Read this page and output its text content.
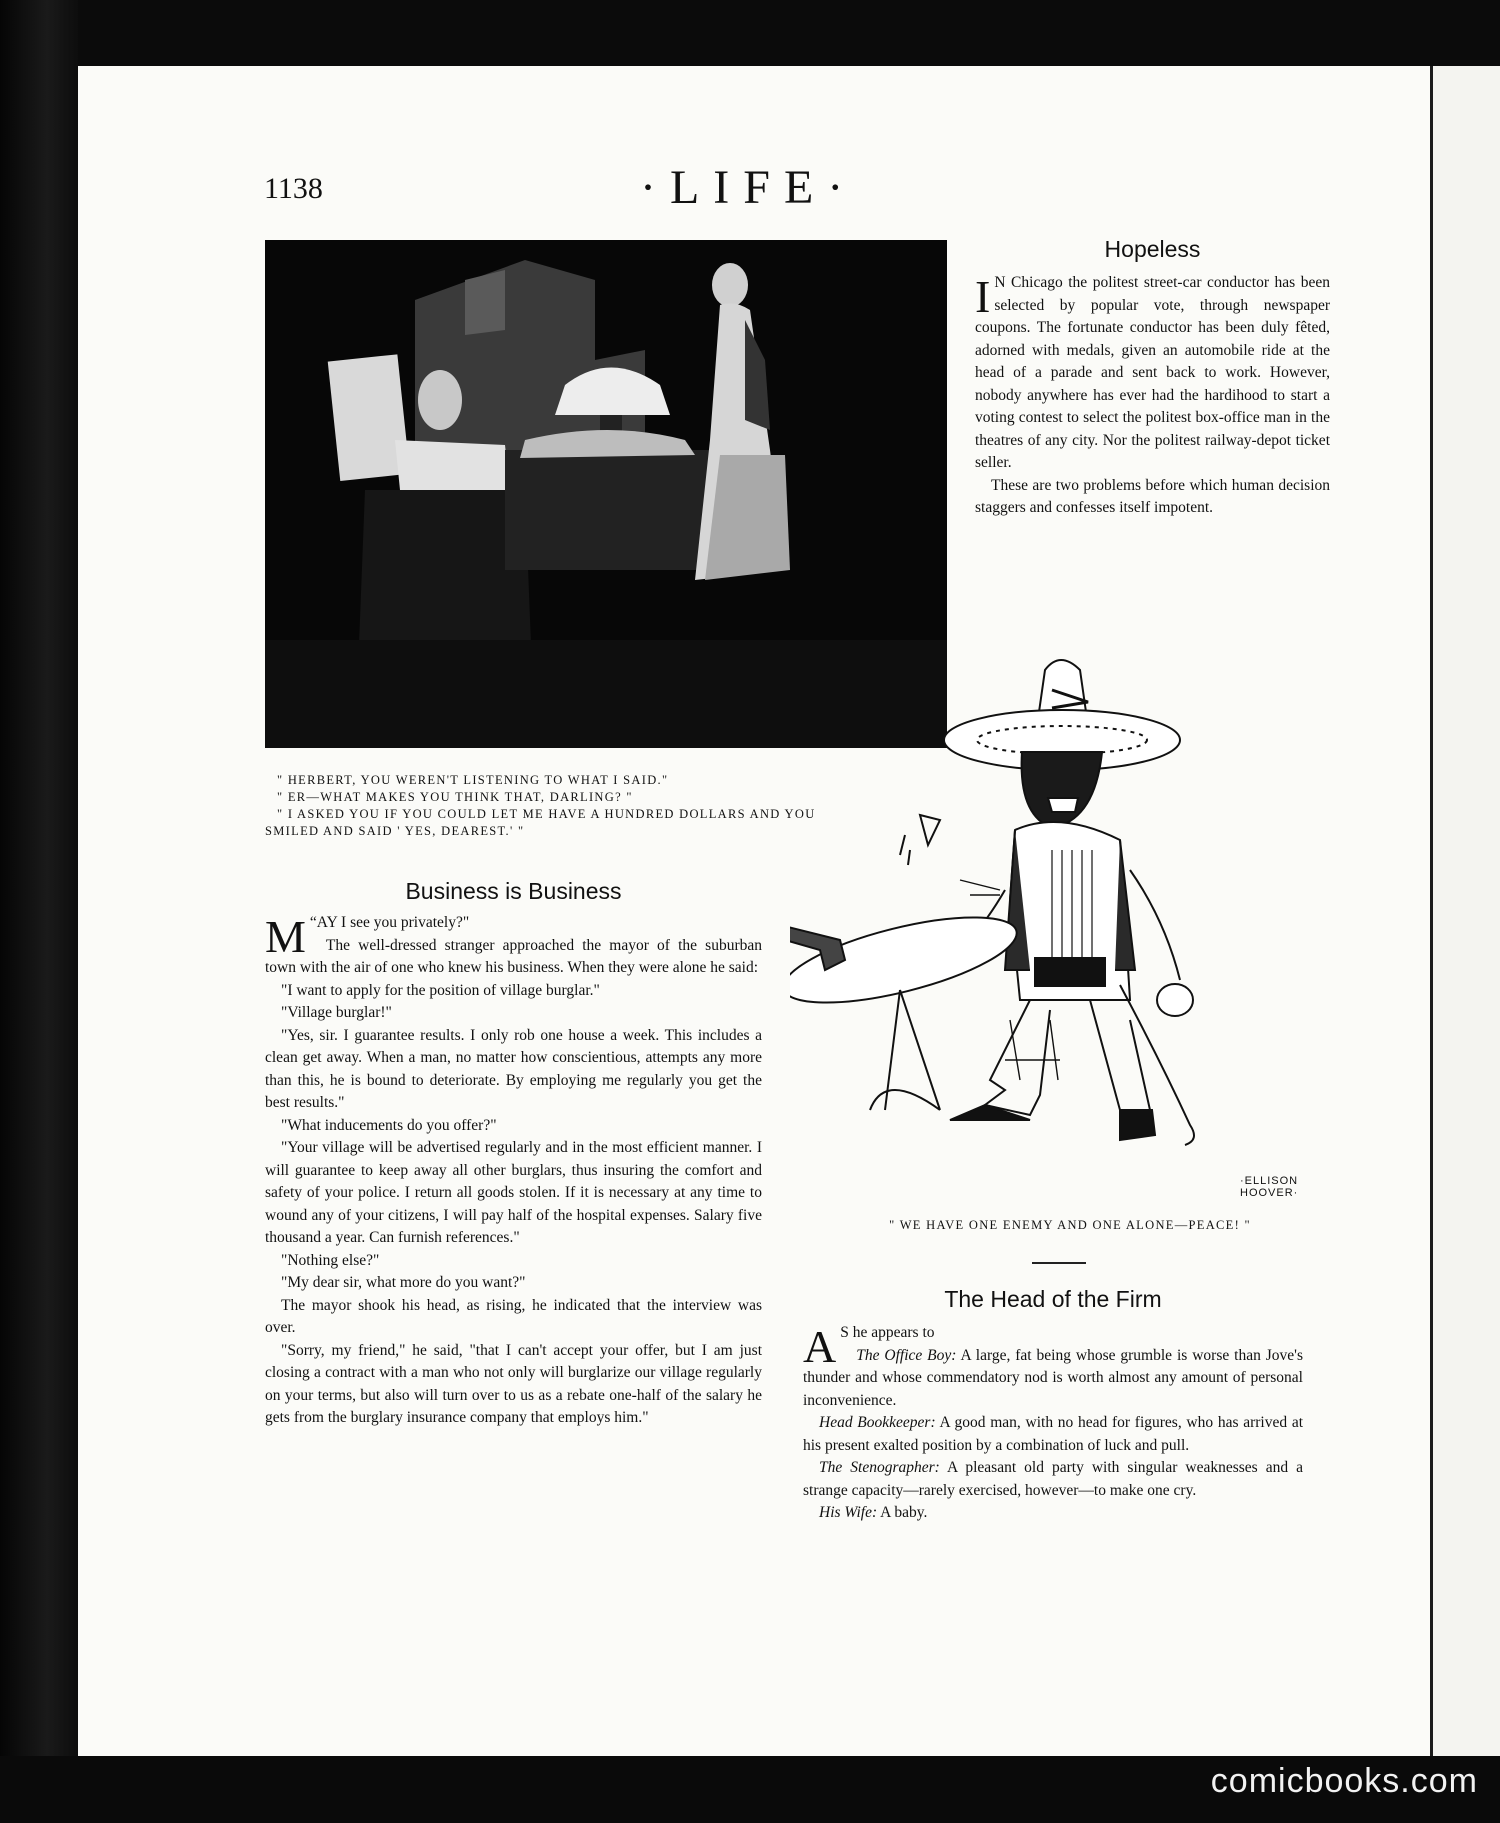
comicbooks.com
1138	·LIFE·

" HERBERT, YOU WEREN'T LISTENING TO WHAT I SAID."

" ER—WHAT MAKES YOU THINK THAT, DARLING? "

" I ASKED YOU IF YOU COULD LET ME HAVE A HUNDRED DOLLARS AND YOU

SMILED AND SAID ' YES, DEAREST.' "

Hopeless

I N Chicago the politest street-car conductor has been selected by popular vote, through newspaper coupons. The fortunate conductor has been duly fêted, adorned with medals, given an automobile ride at the head of a parade and sent back to work. However, nobody anywhere has ever had the hardihood to start a voting contest to select the politest box-office man in the theatres of any city. Nor the politest railway-depot ticket seller.

These are two problems before which human decision staggers and confesses itself impotent.

·ELLISON HOOVER·
" WE HAVE ONE ENEMY AND ONE ALONE—PEACE! "
Business is Business

“
M AY I see you privately?"

The well-dressed stranger approached the mayor of the suburban town with the air of one who knew his business. When they were alone he said:

"I want to apply for the position of village burglar."

"Village burglar!"

"Yes, sir. I guarantee results. I only rob one house a week. This includes a clean get away. When a man, no matter how conscientious, attempts any more than this, he is bound to deteriorate. By employing me regularly you get the best results."

"What inducements do you offer?"

"Your village will be advertised regularly and in the most efficient manner. I will guarantee to keep away all other burglars, thus insuring the comfort and safety of your police. I return all goods stolen. If it is necessary at any time to wound any of your citizens, I will pay half of the hospital expenses. Salary five thousand a year. Can furnish references."

"Nothing else?"

"My dear sir, what more do you want?"

The mayor shook his head, as rising, he indicated that the interview was over.

"Sorry, my friend," he said, "that I can't accept your offer, but I am just closing a contract with a man who not only will burglarize our village regularly on your terms, but also will turn over to us as a rebate one-half of the salary he gets from the burglary insurance company that employs him."

The Head of the Firm

A S he appears to

The Office Boy: A large, fat being whose grumble is worse than Jove's thunder and whose commendatory nod is worth almost any amount of personal inconvenience.

Head Bookkeeper: A good man, with no head for figures, who has arrived at his present exalted position by a combination of luck and pull.

The Stenographer: A pleasant old party with singular weaknesses and a strange capacity—rarely exercised, however—to make one cry.

His Wife: A baby.
